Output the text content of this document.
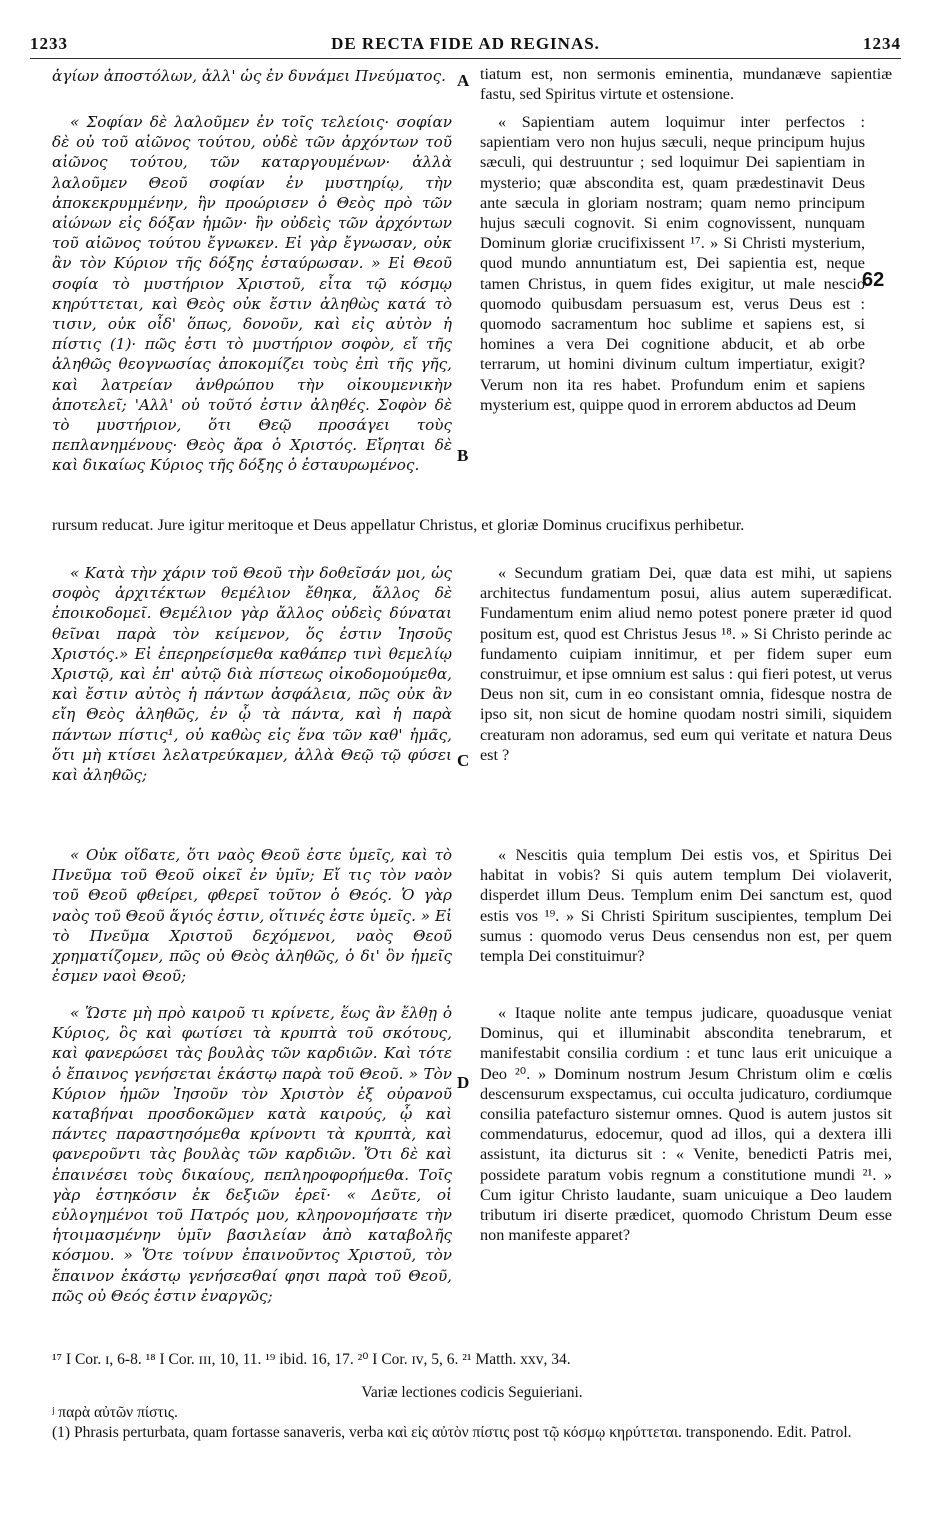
1233	DE RECTA FIDE AD REGINAS.	1234
ἁγίων ἀποστόλων, ἀλλ' ὡς ἐν δυνάμει Πνεύματος.	tiatum est, non sermonis eminentia, mundanæve sapientiæ fastu, sed Spiritus virtute et ostensione.
A
B
C
D
62

« Σοφίαν δὲ λαλοῦμεν ἐν τοῖς τελείοις· σοφίαν δὲ οὐ τοῦ αἰῶνος τούτου, οὐδὲ τῶν ἀρχόντων τοῦ αἰῶνος τούτου, τῶν καταργουμένων· ἀλλὰ λαλοῦμεν Θεοῦ σοφίαν ἐν μυστηρίῳ, τὴν ἀποκεκρυμμένην, ἣν προώρισεν ὁ Θεὸς πρὸ τῶν αἰώνων εἰς δόξαν ἡμῶν· ἣν οὐδεὶς τῶν ἀρχόντων τοῦ αἰῶνος τούτου ἔγνωκεν. Εἰ γὰρ ἔγνωσαν, οὐκ ἂν τὸν Κύριον τῆς δόξης ἐσταύρωσαν. » Εἰ Θεοῦ σοφία τὸ μυστήριον Χριστοῦ, εἶτα τῷ κόσμῳ κηρύττεται, καὶ Θεὸς οὐκ ἔστιν ἀληθὼς κατά τὸ τισιν, οὐκ οἶδ' ὅπως, δονοῦν, καὶ εἰς αὐτὸν ἡ πίστις (1)· πῶς ἐστι τὸ μυστήριον σοφὸν, εἴ τῆς ἀληθῶς θεογνωσίας ἀποκομίζει τοὺς ἐπὶ τῆς γῆς, καὶ λατρείαν ἀνθρώπου τὴν οἰκουμενικὴν ἀποτελεῖ; 'Αλλ' οὐ τοῦτό ἐστιν ἀληθές. Σοφὸν δὲ τὸ μυστήριον, ὅτι Θεῷ προσάγει τοὺς πεπλανημένους· Θεὸς ἄρα ὁ Χριστός. Εἴρηται δὲ καὶ δικαίως Κύριος τῆς δόξης ὁ ἐσταυρωμένος.

« Sapientiam autem loquimur inter perfectos : sapientiam vero non hujus sæculi, neque principum hujus sæculi, qui destruuntur ; sed loquimur Dei sapientiam in mysterio; quæ abscondita est, quam prædestinavit Deus ante sæcula in gloriam nostram; quam nemo principum hujus sæculi cognovit. Si enim cognovissent, nunquam Dominum gloriæ crucifixissent ¹⁷. » Si Christi mysterium, quod mundo annuntiatum est, Dei sapientia est, neque tamen Christus, in quem fides exigitur, ut male nescio quomodo quibusdam persuasum est, verus Deus est : quomodo sacramentum hoc sublime et sapiens est, si homines a vera Dei cognitione abducit, et ab orbe terrarum, ut homini divinum cultum impertiatur, exigit? Verum non ita res habet. Profundum enim et sapiens mysterium est, quippe quod in errorem abductos ad Deum

rursum reducat. Jure igitur meritoque et Deus appellatur Christus, et gloriæ Dominus crucifixus perhibetur.

« Κατὰ τὴν χάριν τοῦ Θεοῦ τὴν δοθεῖσάν μοι, ὡς σοφὸς ἀρχιτέκτων θεμέλιον ἔθηκα, ἄλλος δὲ ἐποικοδομεῖ. Θεμέλιον γὰρ ἄλλος οὐδεὶς δύναται θεῖναι παρὰ τὸν κείμενον, ὅς ἐστιν Ἰησοῦς Χριστός.» Εἰ ἐπερηρείσμεθα καθάπερ τινὶ θεμελίῳ Χριστῷ, καὶ ἐπ' αὐτῷ διὰ πίστεως οἰκοδομούμεθα, καὶ ἔστιν αὐτὸς ἡ πάντων ἀσφάλεια, πῶς οὐκ ἂν εἴη Θεὸς ἀληθῶς, ἐν ᾧ τὰ πάντα, καὶ ἡ παρὰ πάντων πίστις¹, οὐ καθὼς εἰς ἕνα τῶν καθ' ἡμᾶς, ὅτι μὴ κτίσει λελατρεύκαμεν, ἀλλὰ Θεῷ τῷ φύσει καὶ ἀληθῶς;

« Secundum gratiam Dei, quæ data est mihi, ut sapiens architectus fundamentum posui, alius autem superædificat. Fundamentum enim aliud nemo potest ponere præter id quod positum est, quod est Christus Jesus ¹⁸. » Si Christo perinde ac fundamento cuipiam innitimur, et per fidem super eum construimur, et ipse omnium est salus : qui fieri potest, ut verus Deus non sit, cum in eo consistant omnia, fidesque nostra de ipso sit, non sicut de homine quodam nostri simili, siquidem creaturam non adoramus, sed eum qui veritate et natura Deus est ?

« Οὐκ οἴδατε, ὅτι ναὸς Θεοῦ ἐστε ὑμεῖς, καὶ τὸ Πνεῦμα τοῦ Θεοῦ οἰκεῖ ἐν ὑμῖν; Εἴ τις τὸν ναὸν τοῦ Θεοῦ φθείρει, φθερεῖ τοῦτον ὁ Θεός. Ὁ γὰρ ναὸς τοῦ Θεοῦ ἅγιός ἐστιν, οἵτινές ἐστε ὑμεῖς. » Εἰ τὸ Πνεῦμα Χριστοῦ δεχόμενοι, ναὸς Θεοῦ χρηματίζομεν, πῶς οὐ Θεὸς ἀληθῶς, ὁ δι' ὃν ἡμεῖς ἐσμεν ναοὶ Θεοῦ;

« Nescitis quia templum Dei estis vos, et Spiritus Dei habitat in vobis? Si quis autem templum Dei violaverit, disperdet illum Deus. Templum enim Dei sanctum est, quod estis vos ¹⁹. » Si Christi Spiritum suscipientes, templum Dei sumus : quomodo verus Deus censendus non est, per quem templa Dei constituimur?

« Ὥστε μὴ πρὸ καιροῦ τι κρίνετε, ἕως ἂν ἔλθῃ ὁ Κύριος, ὃς καὶ φωτίσει τὰ κρυπτὰ τοῦ σκότους, καὶ φανερώσει τὰς βουλὰς τῶν καρδιῶν. Καὶ τότε ὁ ἔπαινος γενήσεται ἑκάστῳ παρὰ τοῦ Θεοῦ. » Τὸν Κύριον ἡμῶν Ἰησοῦν τὸν Χριστὸν ἐξ οὐρανοῦ καταβήναι προσδοκῶμεν κατὰ καιρούς, ᾧ καὶ πάντες παραστησόμεθα κρίνοντι τὰ κρυπτὰ, καὶ φανεροῦντι τὰς βουλὰς τῶν καρδιῶν. Ὅτι δὲ καὶ ἐπαινέσει τοὺς δικαίους, πεπληροφορήμεθα. Τοῖς γὰρ ἑστηκόσιν ἐκ δεξιῶν ἐρεῖ· « Δεῦτε, οἱ εὐλογημένοι τοῦ Πατρός μου, κληρονομήσατε τὴν ἡτοιμασμένην ὑμῖν βασιλείαν ἀπὸ καταβολῆς κόσμου. » Ὅτε τοίνυν ἐπαινοῦντος Χριστοῦ, τὸν ἔπαινον ἑκάστῳ γενήσεσθαί φησι παρὰ τοῦ Θεοῦ, πῶς οὐ Θεός ἐστιν ἐναργῶς;

« Itaque nolite ante tempus judicare, quoadusque veniat Dominus, qui et illuminabit abscondita tenebrarum, et manifestabit consilia cordium : et tunc laus erit unicuique a Deo ²⁰. » Dominum nostrum Jesum Christum olim e cœlis descensurum exspectamus, cui occulta judicaturo, cordiumque consilia patefacturo sistemur omnes. Quod is autem justos sit commendaturus, edocemur, quod ad illos, qui a dextera illi assistunt, ita dicturus sit : « Venite, benedicti Patris mei, possidete paratum vobis regnum a constitutione mundi ²¹. » Cum igitur Christo laudante, suam unicuique a Deo laudem tributum iri diserte prædicet, quomodo Christum Deum esse non manifeste apparet?

¹⁷ I Cor. ɪ, 6-8. ¹⁸ I Cor. ɪɪɪ, 10, 11. ¹⁹ ibid. 16, 17. ²⁰ I Cor. ɪᴠ, 5, 6. ²¹ Matth. xxᴠ, 34.
Variæ lectiones codicis Seguieriani.
ʲ παρὰ αὐτῶν πίστις.
(1) Phrasis perturbata, quam fortasse sanaveris, verba καὶ εἰς αὐτὸν πίστις post τῷ κόσμῳ κηρύττεται. transponendo. Edit. Patrol.
